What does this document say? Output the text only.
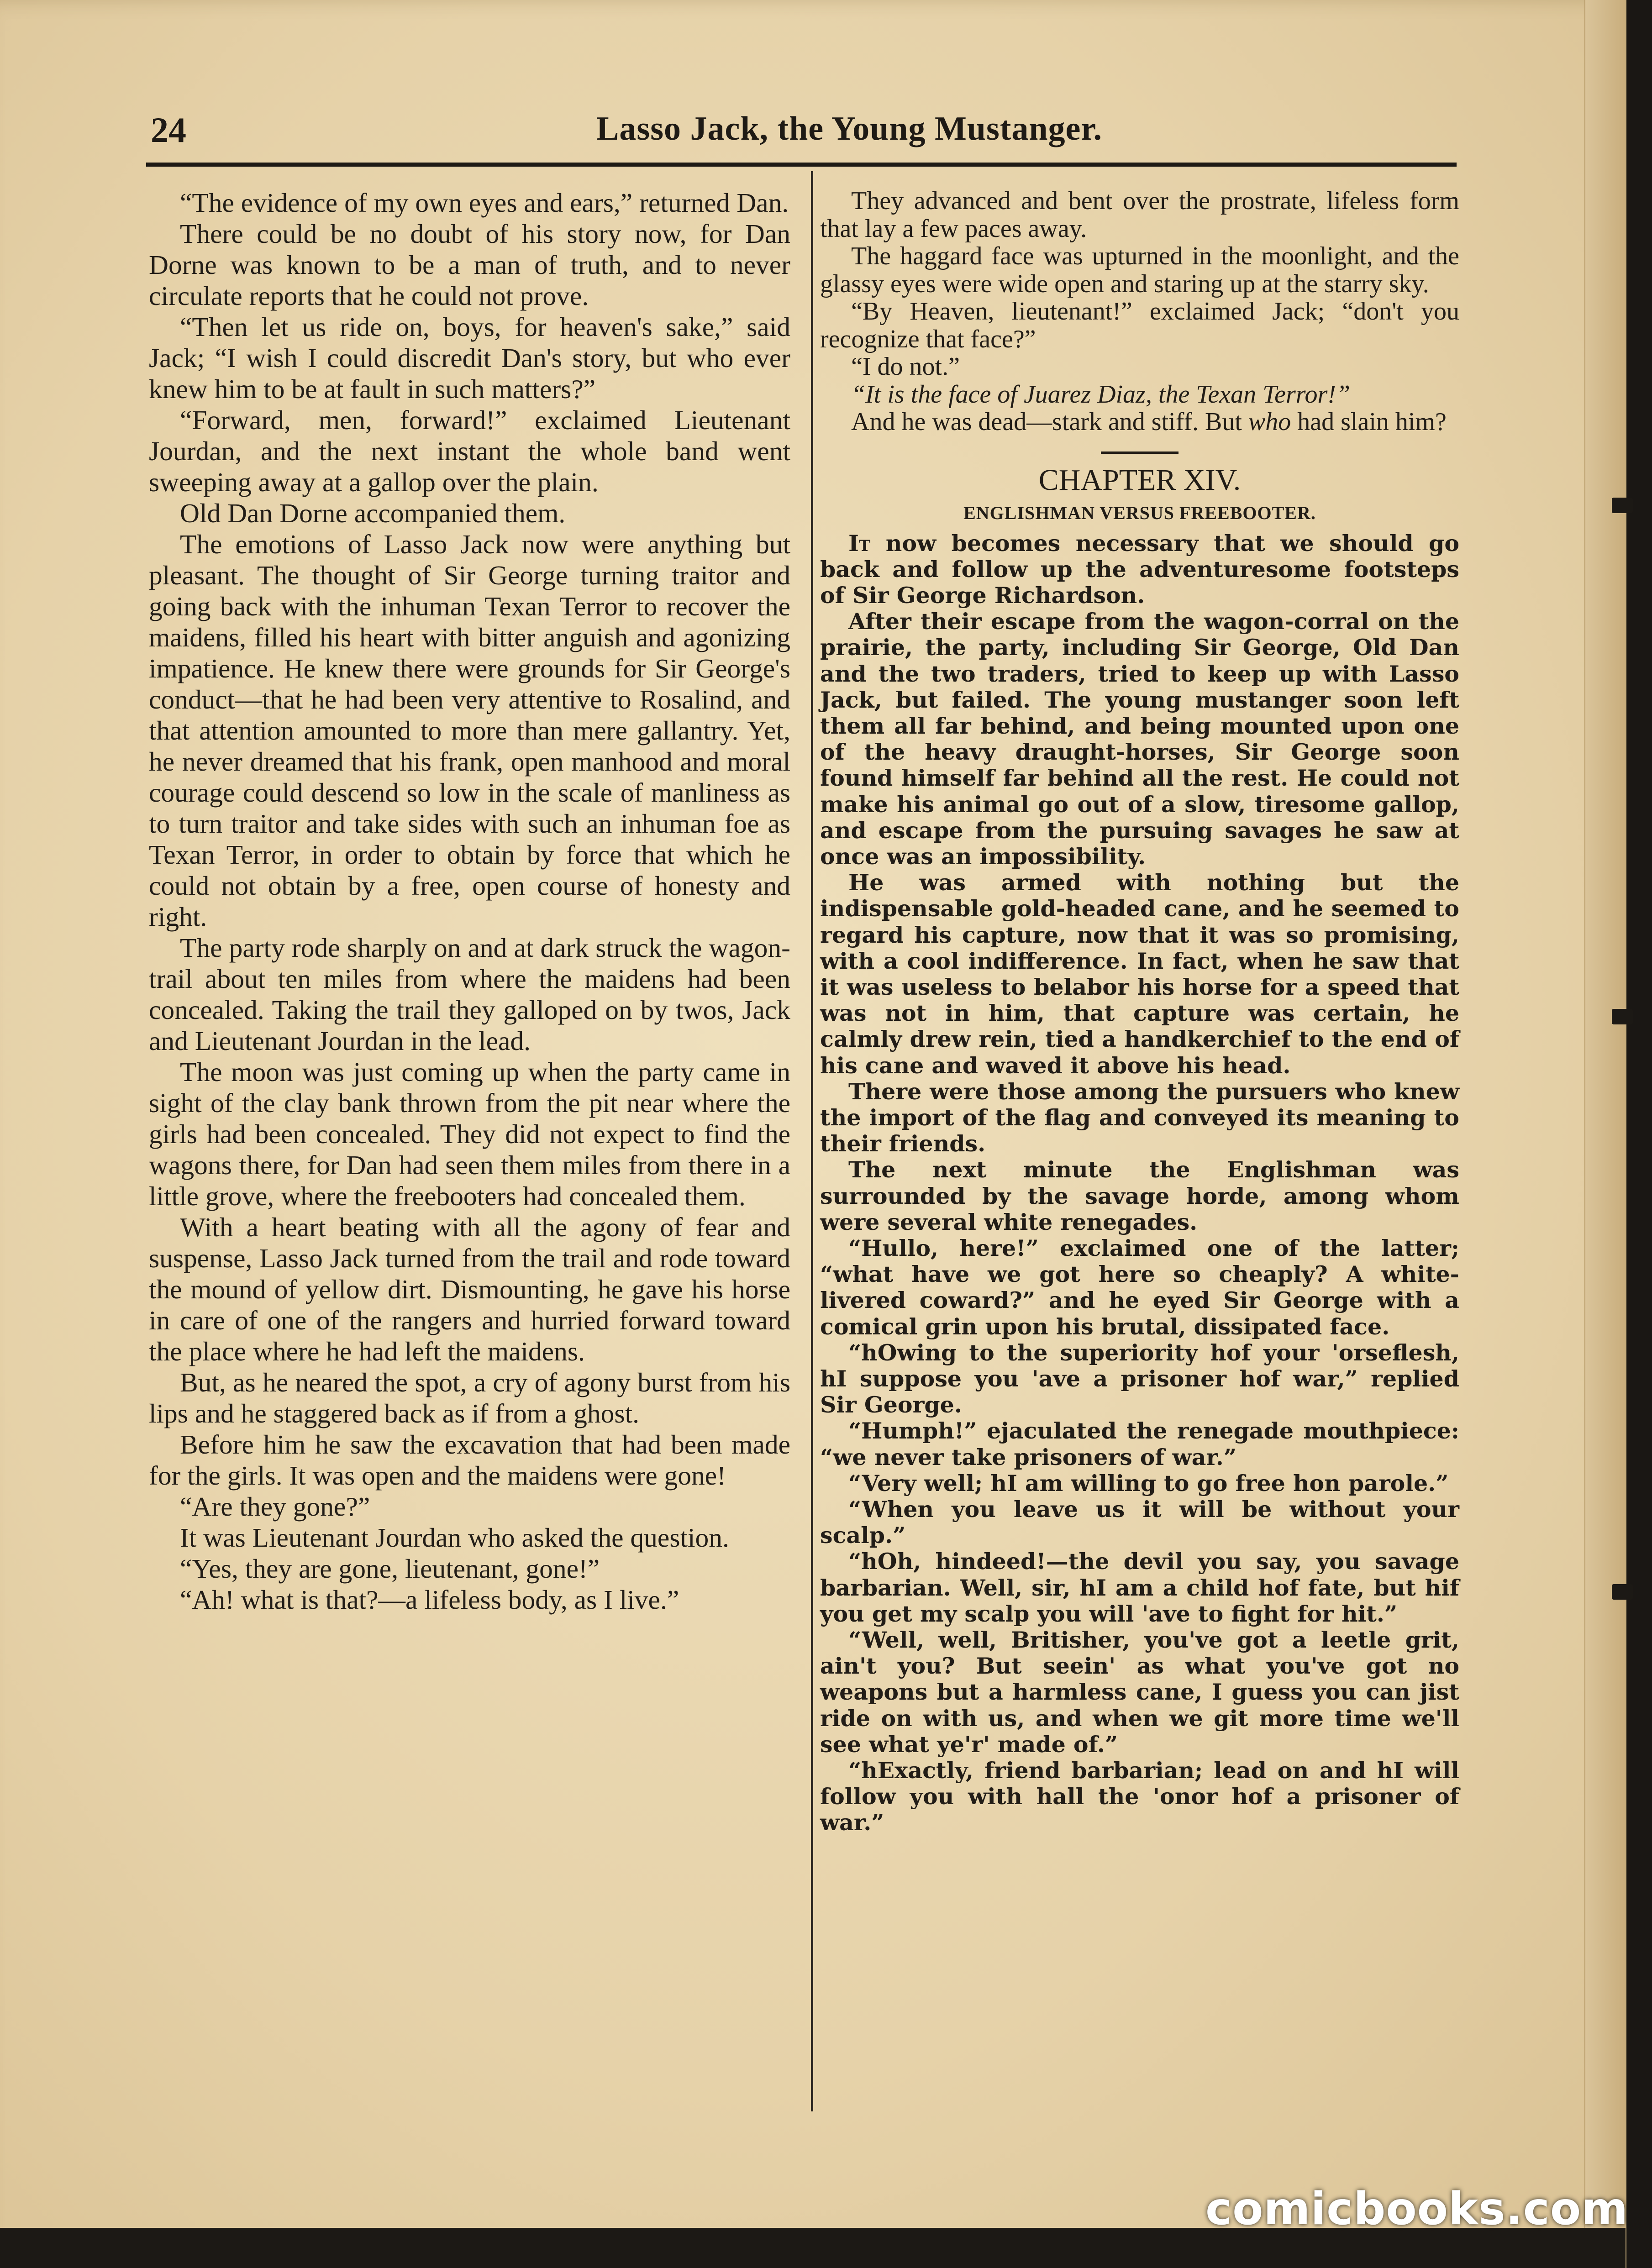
24	Lasso Jack, the Young Mustanger.

“The evidence of my own eyes and ears,” returned Dan.

There could be no doubt of his story now, for Dan Dorne was known to be a man of truth, and to never circulate reports that he could not prove.

“Then let us ride on, boys, for heaven's sake,” said Jack; “I wish I could discredit Dan's story, but who ever knew him to be at fault in such matters?”

“Forward, men, forward!” exclaimed Lieutenant Jourdan, and the next instant the whole band went sweeping away at a gallop over the plain.

Old Dan Dorne accompanied them.

The emotions of Lasso Jack now were anything but pleasant. The thought of Sir George turning traitor and going back with the inhuman Texan Terror to recover the maidens, filled his heart with bitter anguish and agonizing impatience. He knew there were grounds for Sir George's conduct—that he had been very attentive to Rosalind, and that attention amounted to more than mere gallantry. Yet, he never dreamed that his frank, open manhood and moral courage could descend so low in the scale of manliness as to turn traitor and take sides with such an inhuman foe as Texan Terror, in order to obtain by force that which he could not obtain by a free, open course of honesty and right.

The party rode sharply on and at dark struck the wagon-trail about ten miles from where the maidens had been concealed. Taking the trail they galloped on by twos, Jack and Lieutenant Jourdan in the lead.

The moon was just coming up when the party came in sight of the clay bank thrown from the pit near where the girls had been concealed. They did not expect to find the wagons there, for Dan had seen them miles from there in a little grove, where the freebooters had concealed them.

With a heart beating with all the agony of fear and suspense, Lasso Jack turned from the trail and rode toward the mound of yellow dirt. Dismounting, he gave his horse in care of one of the rangers and hurried forward toward the place where he had left the maidens.

But, as he neared the spot, a cry of agony burst from his lips and he staggered back as if from a ghost.

Before him he saw the excavation that had been made for the girls. It was open and the maidens were gone!

“Are they gone?”

It was Lieutenant Jourdan who asked the question.

“Yes, they are gone, lieutenant, gone!”

“Ah! what is that?—a lifeless body, as I live.”

They advanced and bent over the prostrate, lifeless form that lay a few paces away.

The haggard face was upturned in the moonlight, and the glassy eyes were wide open and staring up at the starry sky.

“By Heaven, lieutenant!” exclaimed Jack; “don't you recognize that face?”

“I do not.”

“It is the face of Juarez Diaz, the Texan Terror!”

And he was dead—stark and stiff. But who had slain him?

CHAPTER XIV.

ENGLISHMAN VERSUS FREEBOOTER.

It now becomes necessary that we should go back and follow up the adventuresome footsteps of Sir George Richardson.

After their escape from the wagon-corral on the prairie, the party, including Sir George, Old Dan and the two traders, tried to keep up with Lasso Jack, but failed. The young mustanger soon left them all far behind, and being mounted upon one of the heavy draught-horses, Sir George soon found himself far behind all the rest. He could not make his animal go out of a slow, tiresome gallop, and escape from the pursuing savages he saw at once was an impossibility.

He was armed with nothing but the indispensable gold-headed cane, and he seemed to regard his capture, now that it was so promising, with a cool indifference. In fact, when he saw that it was useless to belabor his horse for a speed that was not in him, that capture was certain, he calmly drew rein, tied a handkerchief to the end of his cane and waved it above his head.

There were those among the pursuers who knew the import of the flag and conveyed its meaning to their friends.

The next minute the Englishman was surrounded by the savage horde, among whom were several white renegades.

“Hullo, here!” exclaimed one of the latter; “what have we got here so cheaply? A white-livered coward?” and he eyed Sir George with a comical grin upon his brutal, dissipated face.

“hOwing to the superiority hof your 'orseflesh, hI suppose you 'ave a prisoner hof war,” replied Sir George.

“Humph!” ejaculated the renegade mouthpiece: “we never take prisoners of war.”

“Very well; hI am willing to go free hon parole.”

“When you leave us it will be without your scalp.”

“hOh, hindeed!—the devil you say, you savage barbarian. Well, sir, hI am a child hof fate, but hif you get my scalp you will 'ave to fight for hit.”

“Well, well, Britisher, you've got a leetle grit, ain't you? But seein' as what you've got no weapons but a harmless cane, I guess you can jist ride on with us, and when we git more time we'll see what ye'r' made of.”

“hExactly, friend barbarian; lead on and hI will follow you with hall the 'onor hof a prisoner of war.”

comicbooks.com
